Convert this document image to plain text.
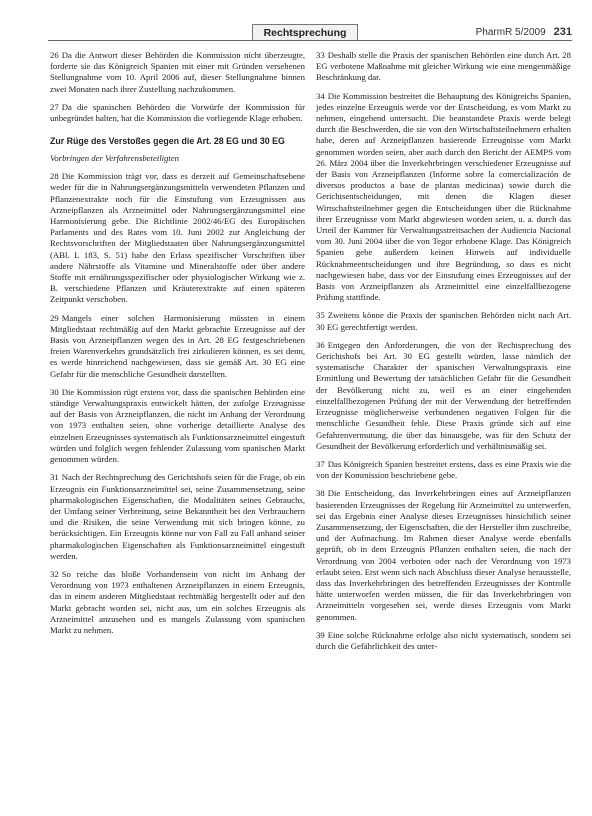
Rechtsprechung	PharmR 5/2009 231

26 Da die Antwort dieser Behörden die Kommission nicht überzeugte, forderte sie das Königreich Spanien mit einer mit Gründen versehenen Stellungnahme vom 10. April 2006 auf, dieser Stellungnahme binnen zwei Monaten nach ihrer Zustellung nachzukommen.

27 Da die spanischen Behörden die Vorwürfe der Kommission für unbegründet halten, hat die Kommission die vorliegende Klage erhoben.

Zur Rüge des Verstoßes gegen die Art. 28 EG und 30 EG
Vorbringen der Verfahrensbeteiligten

28 Die Kommission trägt vor, dass es derzeit auf Gemeinschaftsebene weder für die in Nahrungsergänzungsmitteln verwendeten Pflanzen und Pflanzenextrakte noch für die Einstufung von Erzeugnissen aus Arzneipflanzen als Arzneimittel oder Nahrungsergänzungsmittel eine Harmonisierung gebe. Die Richtlinie 2002/46/EG des Europäischen Parlaments und des Rates vom 10. Juni 2002 zur Angleichung der Rechtsvorschriften der Mitgliedstaaten über Nahrungsergänzungsmittel (ABl. L 183, S. 51) habe den Erlass spezifischer Vorschriften über andere Nährstoffe als Vitamine und Mineralstoffe oder über andere Stoffe mit ernährungsspezifischer oder physiologischer Wirkung wie z. B. verschiedene Pflanzen und Kräuterextrakte auf einen späteren Zeitpunkt verschoben.

29 Mangels einer solchen Harmonisierung müssten in einem Mitgliedstaat rechtmäßig auf den Markt gebrachte Erzeugnisse auf der Basis von Arzneipflanzen wegen des in Art. 28 EG festgeschriebenen freien Warenverkehrs grundsätzlich frei zirkulieren können, es sei denn, es werde hinreichend nachgewiesen, dass sie gemäß Art. 30 EG eine Gefahr für die menschliche Gesundheit darstellten.

30 Die Kommission rügt erstens vor, dass die spanischen Behörden eine ständige Verwaltungspraxis entwickelt hätten, der zufolge Erzeugnisse auf der Basis von Arzneipflanzen, die nicht im Anhang der Verordnung von 1973 enthalten seien, ohne vorherige detaillierte Analyse des einzelnen Erzeugnisses systematisch als Funktionsarzneimittel eingestuft würden und folglich wegen fehlender Zulassung vom spanischen Markt genommen würden.

31 Nach der Rechtsprechung des Gerichtshofs seien für die Frage, ob ein Erzeugnis ein Funktionsarzneimittel sei, seine Zusammensetzung, seine pharmakologischen Eigenschaften, die Modalitäten seines Gebrauchs, der Umfang seiner Verbreitung, seine Bekanntheit bei den Verbrauchern und die Risiken, die seine Verwendung mit sich bringen könne, zu berücksichtigen. Ein Erzeugnis könne nur von Fall zu Fall anhand seiner pharmakologischen Eigenschaften als Funktionsarzneimittel eingestuft werden.

32 So reiche das bloße Vorhandensein von nicht im Anhang der Verordnung von 1973 enthaltenen Arzneipflanzen in einem Erzeugnis, das in einem anderen Mitgliedstaat rechtmäßig hergestellt oder auf den Markt gebracht worden sei, nicht aus, um ein solches Erzeugnis als Arzneimittel anzusehen und es mangels Zulassung vom spanischen Markt zu nehmen.

33 Deshalb stelle die Praxis der spanischen Behörden eine durch Art. 28 EG verbotene Maßnahme mit gleicher Wirkung wie eine mengenmäßige Beschränkung dar.

34 Die Kommission bestreitet die Behauptung des Königreichs Spanien, jedes einzelne Erzeugnis werde vor der Entscheidung, es vom Markt zu nehmen, eingehend untersucht. Die beanstandete Praxis werde belegt durch die Beschwerden, die sie von den Wirtschaftsteilnehmern erhalten habe, deren auf Arzneipflanzen basierende Erzeugnisse vom Markt genommen worden seien, aber auch durch den Bericht der AEMPS vom 26. März 2004 über die Inverkehrbringen verschiedener Erzeugnisse auf der Basis von Arzneipflanzen (Informe sobre la comercialización de diversos productos a base de plantas medicinas) sowie durch die Gerichtsentscheidungen, mit denen die Klagen dieser Wirtschaftsteilnehmer gegen die Entscheidungen über die Rücknahme ihrer Erzeugnisse vom Markt abgewiesen worden seien, u. a. durch das Urteil der Kammer für Verwaltungsstreitsachen der Audiencia Nacional vom 30. Juni 2004 über die von Tegor erhobene Klage. Das Königreich Spanien gebe außerdem keinen Hinweis auf individuelle Rücknahmeentscheidungen und ihre Begründung, so dass es nicht nachgewiesen habe, dass vor der Einstufung eines Erzeugnisses auf der Basis von Arzneipflanzen als Arzneimittel eine einzelfallbezogene Prüfung stattfinde.

35 Zweitens könne die Praxis der spanischen Behörden nicht nach Art. 30 EG gerechtfertigt werden.

36 Entgegen den Anforderungen, die von der Rechtsprechung des Gerichtshofs bei Art. 30 EG gestellt würden, lasse nämlich der systematische Charakter der spanischen Verwaltungspraxis eine Ermittlung und Bewertung der tatsächlichen Gefahr für die Gesundheit der Bevölkerung nicht zu, weil es an einer eingehenden einzelfallbezogenen Prüfung der mit der Verwendung der betreffenden Erzeugnisse möglicherweise verbundenen negativen Folgen für die menschliche Gesundheit fehle. Diese Praxis gründe sich auf eine Gefahrenvermutung, die über das hinausgehe, was für den Schutz der Gesundheit der Bevölkerung erforderlich und verhältnismäßig sei.

37 Das Königreich Spanien bestreitet erstens, dass es eine Praxis wie die von der Kommission beschriebene gebe.

38 Die Entscheidung, das Inverkehrbringen eines auf Arzneipflanzen basierenden Erzeugnisses der Regelung für Arzneimittel zu unterwerfen, sei das Ergebnis einer Analyse dieses Erzeugnisses hinsichtlich seiner Zusammensetzung, der Eigenschaften, die der Hersteller ihm zuschreibe, und der Aufmachung. Im Rahmen dieser Analyse werde ebenfalls geprüft, ob in dem Erzeugnis Pflanzen enthalten seien, die nach der Verordnung von 2004 verboten oder nach der Verordnung von 1973 erlaubt seien. Erst wenn sich nach Abschluss dieser Analyse herausstelle, dass das Inverkehrbringen des betreffenden Erzeugnisses der Kontrolle hätte unterworfen werden müssen, die für das Inverkehrbringen von Arzneimitteln vorgesehen sei, werde dieses Erzeugnis vom Markt genommen.

39 Eine solche Rücknahme erfolge also nicht systematisch, sondern sei durch die Gefährlichkeit des unter-
